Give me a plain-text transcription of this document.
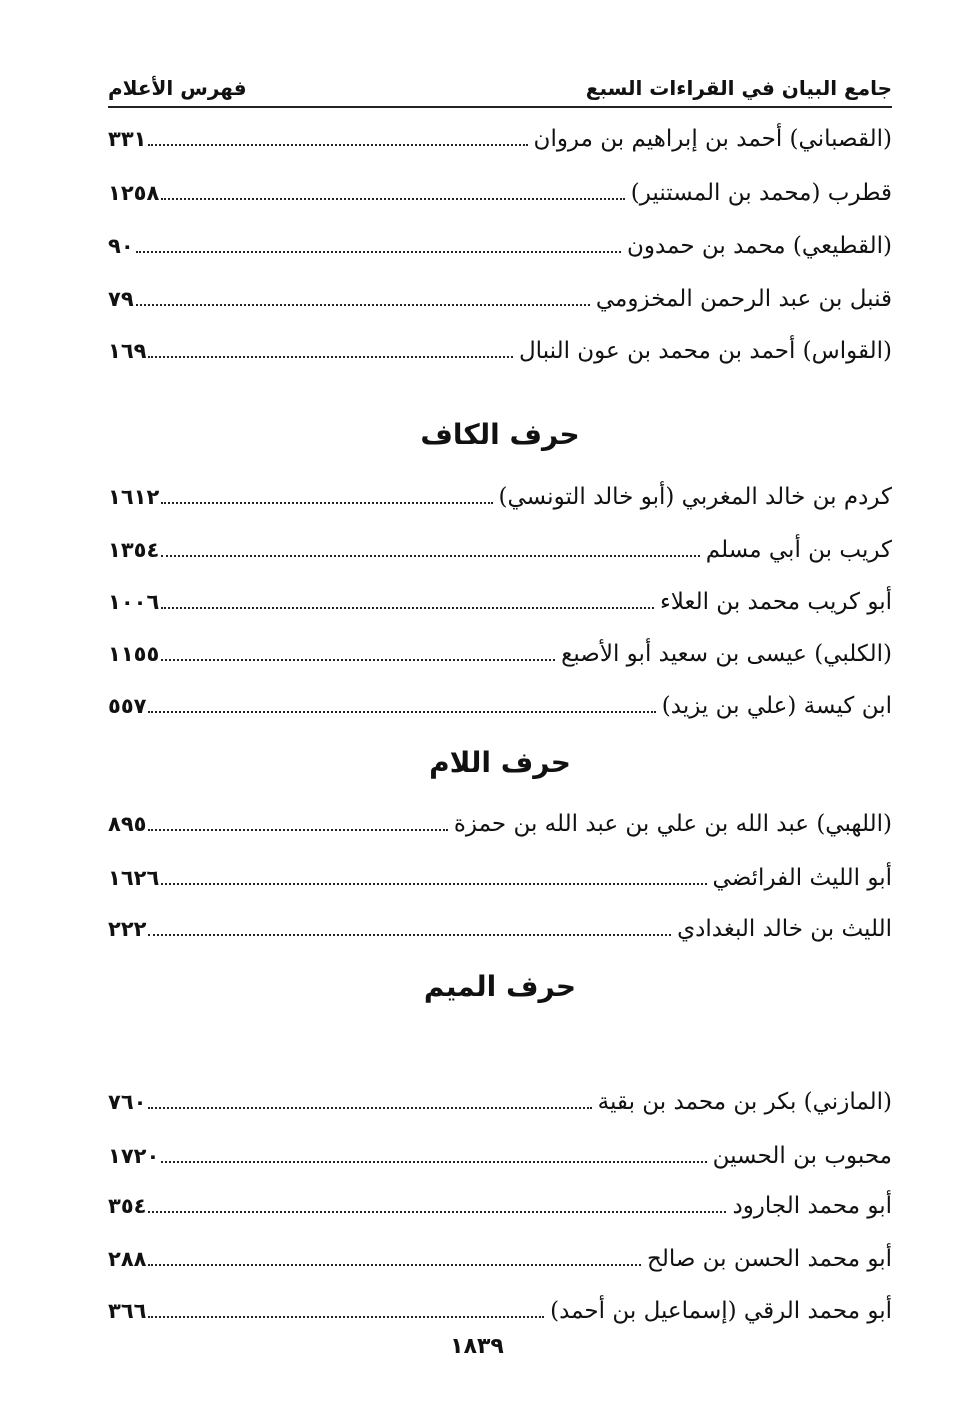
جامع البيان في القراءات السبع
فهرس الأعلام
(القصباني) أحمد بن إبراهيم بن مروان
٣٣١
قطرب (محمد بن المستنير)
١٢٥٨
(القطيعي) محمد بن حمدون
٩٠
قنبل بن عبد الرحمن المخزومي
٧٩
(القواس) أحمد بن محمد بن عون النبال
١٦٩
حرف الكاف
كردم بن خالد المغربي (أبو خالد التونسي)
١٦١٢
كريب بن أبي مسلم
١٣٥٤
أبو كريب محمد بن العلاء
١٠٠٦
(الكلبي) عيسى بن سعيد أبو الأصبع
١١٥٥
ابن كيسة (علي بن يزيد)
٥٥٧
حرف اللام
(اللهبي) عبد الله بن علي بن عبد الله بن حمزة
٨٩٥
أبو الليث الفرائضي
١٦٢٦
الليث بن خالد البغدادي
٢٢٢
حرف الميم
(المازني) بكر بن محمد بن بقية
٧٦٠
محبوب بن الحسين
١٧٢٠
أبو محمد الجارود
٣٥٤
أبو محمد الحسن بن صالح
٢٨٨
أبو محمد الرقي (إسماعيل بن أحمد)
٣٦٦
١٨٣٩
